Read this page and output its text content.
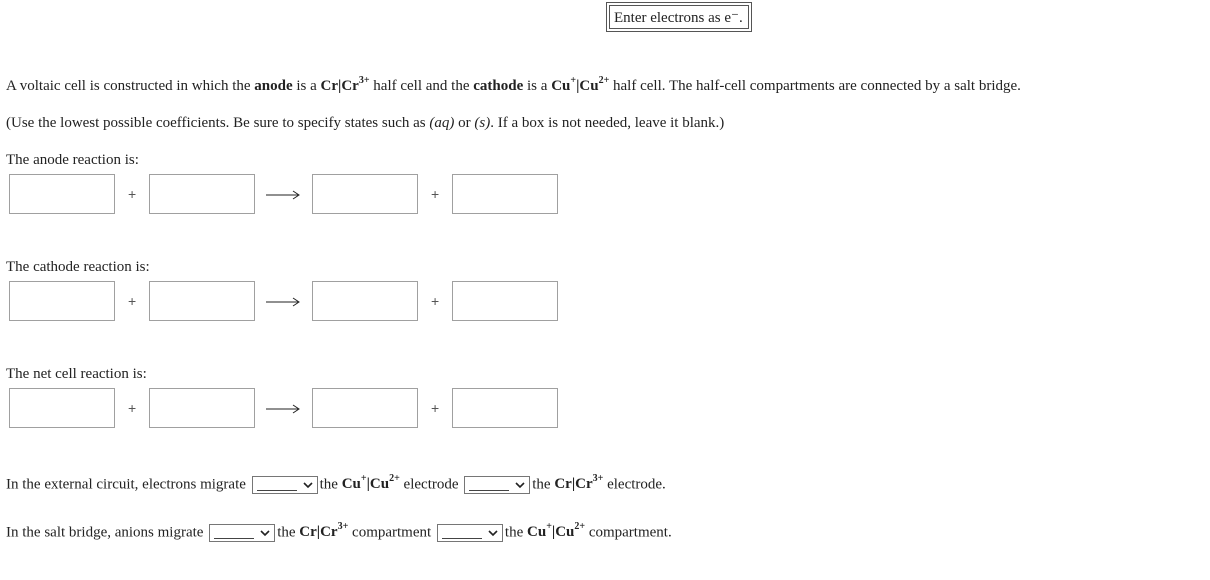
Enter electrons as e⁻.
A voltaic cell is constructed in which the anode is a $Cr|Cr^{3+}$ half cell and the cathode is a $Cu^+|Cu^{2+}$ half cell. The half-cell compartments are connected by a salt bridge.
(Use the lowest possible coefficients. Be sure to specify states such as (aq) or (s). If a box is not needed, leave it blank.)
The anode reaction is:
+	+
The cathode reaction is:
+	+
The net cell reaction is:
+	+
In the external circuit, electrons migrate	the $Cu^+|Cu^{2+}$ electrode	the $Cr|Cr^{3+}$ electrode.
In the salt bridge, anions migrate	the $Cr|Cr^{3+}$ compartment	the $Cu^+|Cu^{2+}$ compartment.
